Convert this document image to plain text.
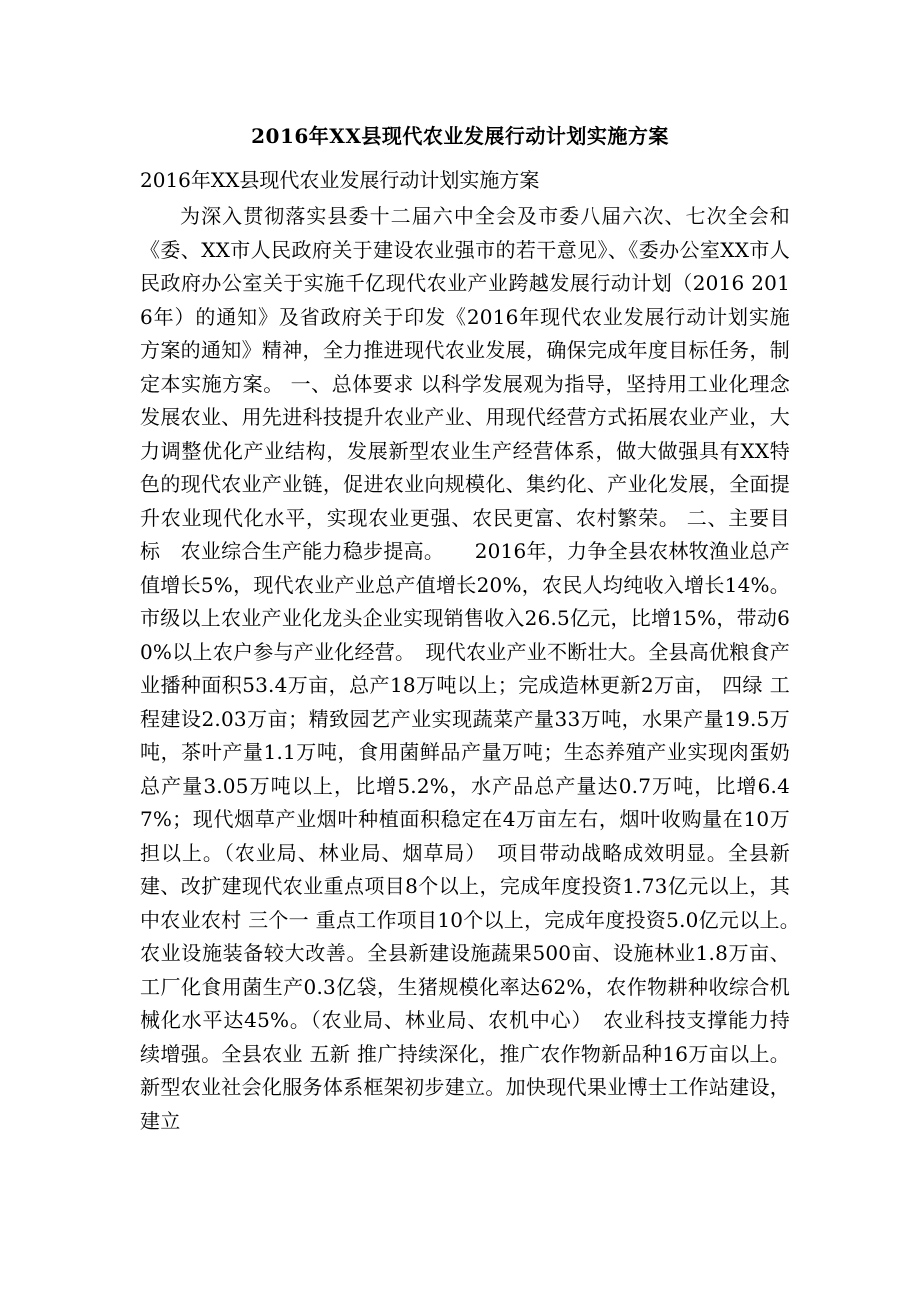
2016年XX县现代农业发展行动计划实施方案
2016年XX县现代农业发展行动计划实施方案

为深入贯彻落实县委十二届六中全会及市委八届六次、七次全会和《委、XX市人民政府关于建设农业强市的若干意见》、《委办公室XX市人民政府办公室关于实施千亿现代农业产业跨越发展行动计划（2016 2016年）的通知》及省政府关于印发《2016年现代农业发展行动计划实施方案的通知》精神，全力推进现代农业发展，确保完成年度目标任务，制定本实施方案。 一、总体要求 以科学发展观为指导，坚持用工业化理念发展农业、用先进科技提升农业产业、用现代经营方式拓展农业产业，大力调整优化产业结构，发展新型农业生产经营体系，做大做强具有XX特色的现代农业产业链，促进农业向规模化、集约化、产业化发展，全面提升农业现代化水平，实现农业更强、农民更富、农村繁荣。 二、主要目标　农业综合生产能力稳步提高。　　2016年，力争全县农林牧渔业总产值增长5%，现代农业产业总产值增长20%，农民人均纯收入增长14%。市级以上农业产业化龙头企业实现销售收入26.5亿元，比增15%，带动60%以上农户参与产业化经营。　现代农业产业不断壮大。全县高优粮食产业播种面积53.4万亩，总产18万吨以上；完成造林更新2万亩， 四绿 工程建设2.03万亩；精致园艺产业实现蔬菜产量33万吨，水果产量19.5万吨，茶叶产量1.1万吨，食用菌鲜品产量万吨；生态养殖产业实现肉蛋奶总产量3.05万吨以上，比增5.2%，水产品总产量达0.7万吨，比增6.47%；现代烟草产业烟叶种植面积稳定在4万亩左右，烟叶收购量在10万担以上。（农业局、林业局、烟草局）　项目带动战略成效明显。全县新建、改扩建现代农业重点项目8个以上，完成年度投资1.73亿元以上，其中农业农村 三个一 重点工作项目10个以上，完成年度投资5.0亿元以上。　农业设施装备较大改善。全县新建设施蔬果500亩、设施林业1.8万亩、工厂化食用菌生产0.3亿袋，生猪规模化率达62%，农作物耕种收综合机械化水平达45%。（农业局、林业局、农机中心）　农业科技支撑能力持续增强。全县农业 五新 推广持续深化，推广农作物新品种16万亩以上。新型农业社会化服务体系框架初步建立。加快现代果业博士工作站建设，建立
